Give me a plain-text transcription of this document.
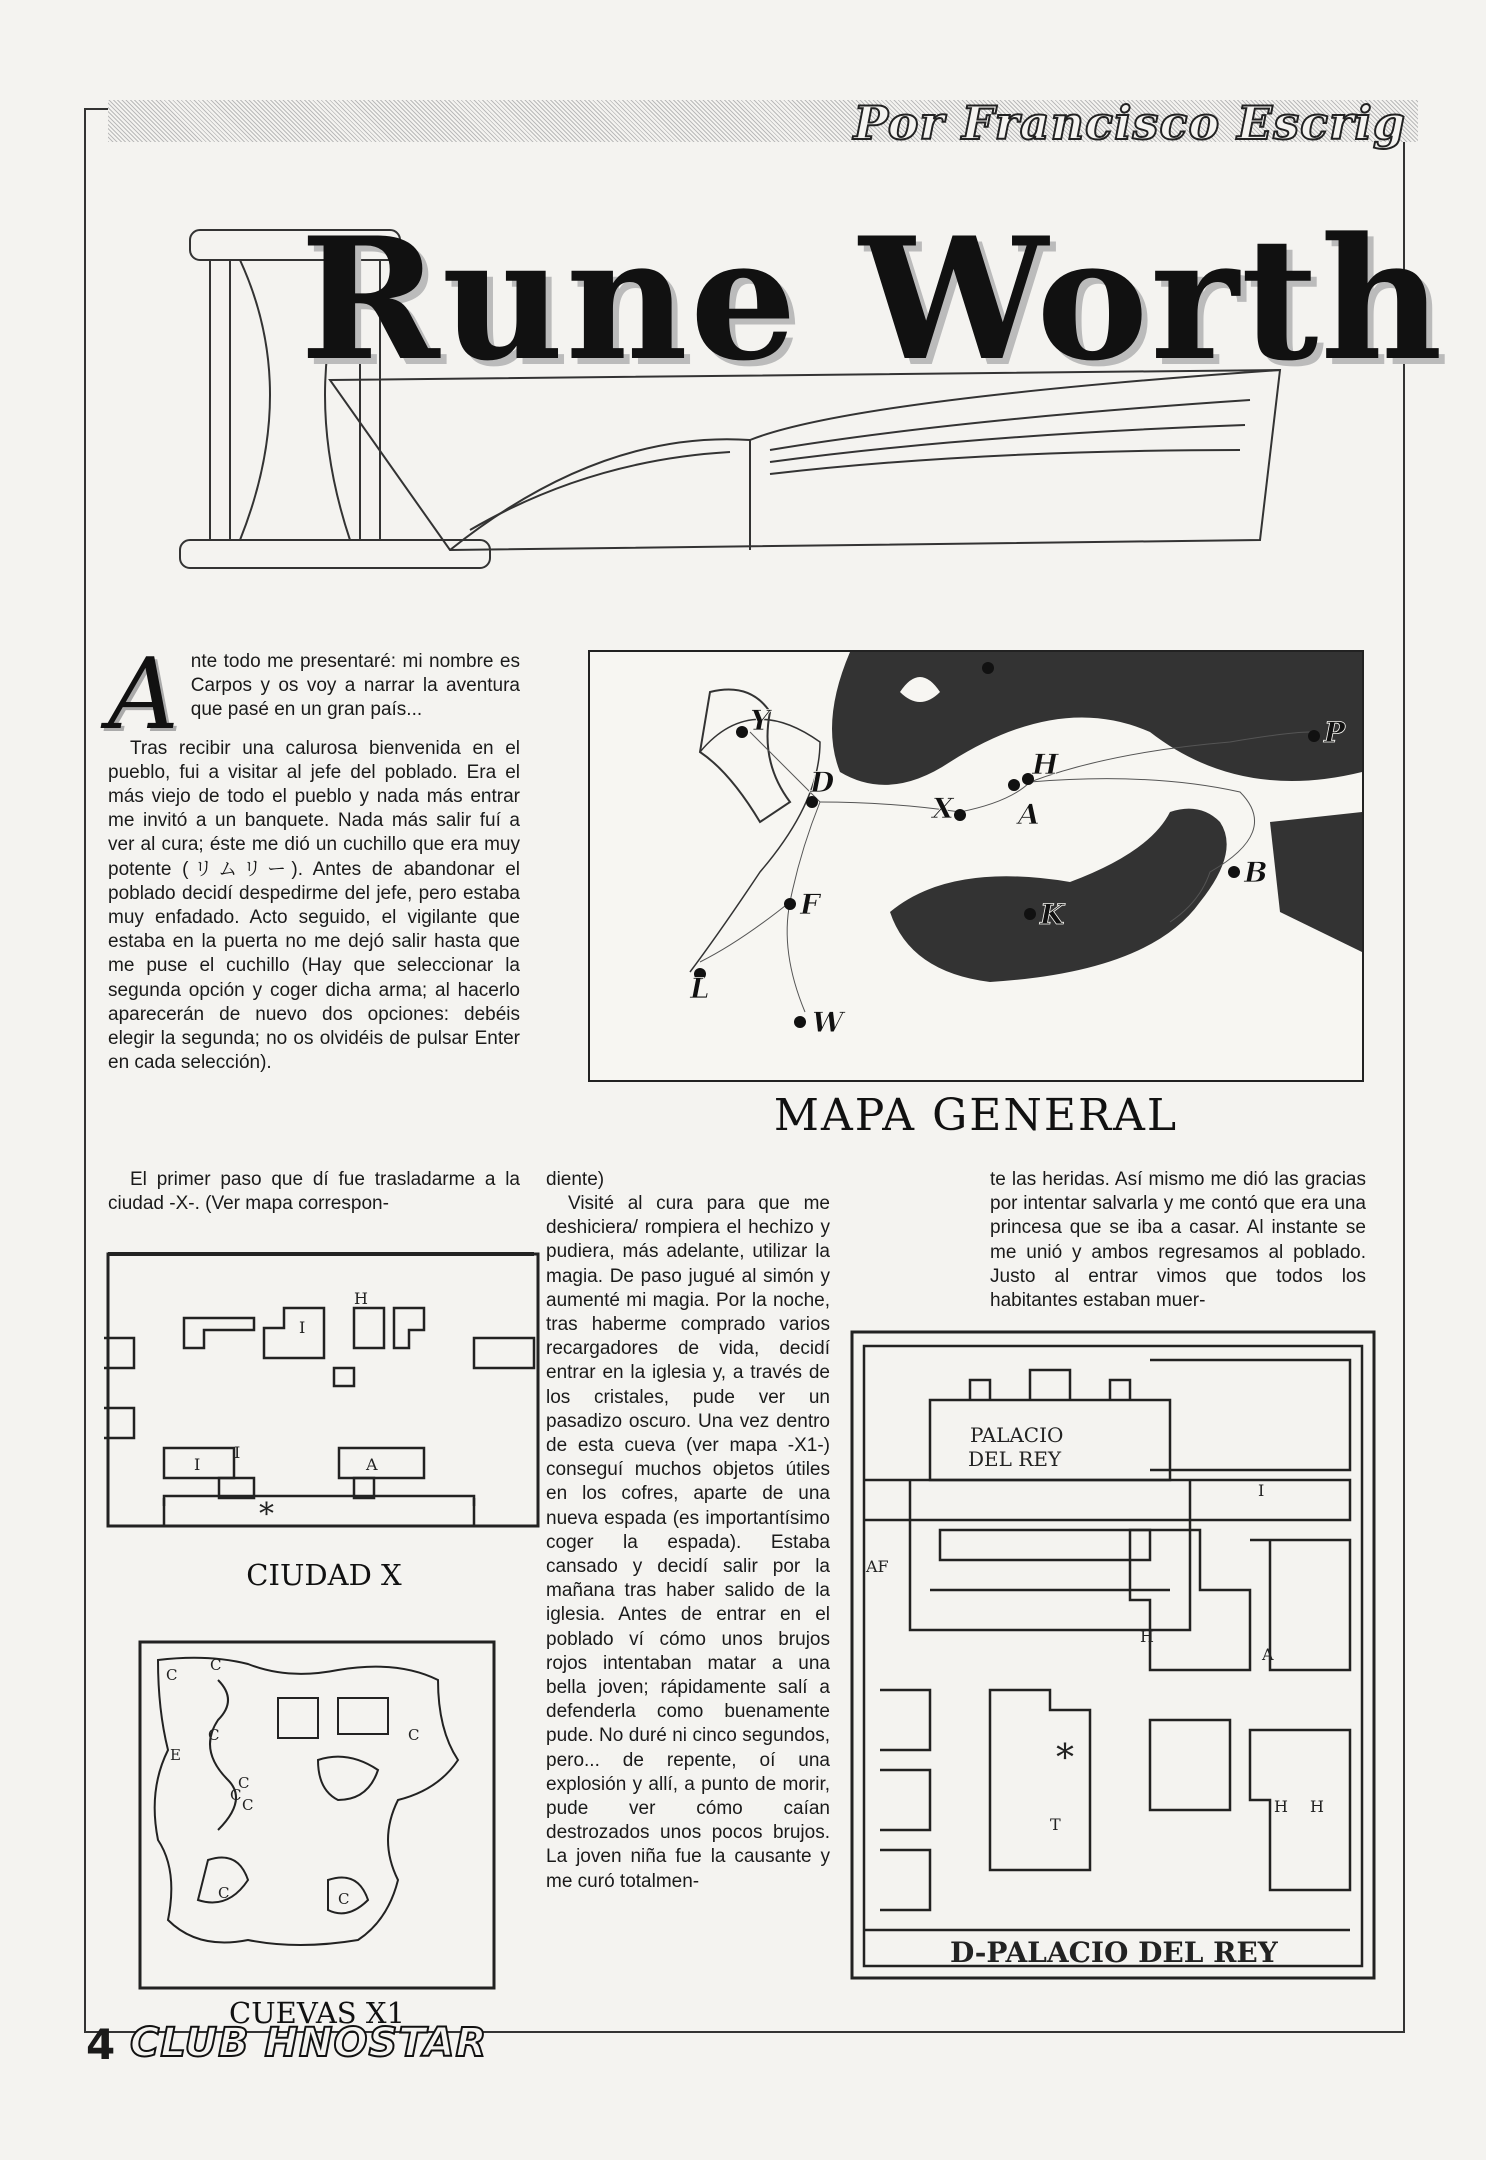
Por Francisco Escrig
Rune Worth
A nte todo me presentaré: mi nombre es Carpos y os voy a narrar la aventura que pasé en un gran país...

Tras recibir una calurosa bienvenida en el pueblo, fui a visitar al jefe del poblado. Era el más viejo de todo el pueblo y nada más entrar me invitó a un banquete. Nada más salir fuí a ver al cura; éste me dió un cuchillo que era muy potente (リムリー). Antes de abandonar el poblado decidí despedirme del jefe, pero estaba muy enfadado. Acto seguido, el vigilante que estaba en la puerta no me dejó salir hasta que me puse el cuchillo (Hay que seleccionar la segunda opción y coger dicha arma; al hacerlo aparecerán de nuevo dos opciones: debéis elegir la segunda; no os olvidéis de pulsar Enter en cada selección).

El primer paso que dí fue trasladarme a la ciudad -X-. (Ver mapa correspon-

Y
D
X
H
A
P
B
F	K
L
W
MAPA GENERAL
H
I
I
I
A
*
CIUDAD X
C
C
C
E
C
C
C
C
C	C
CUEVAS X1

diente)

Visité al cura para que me deshiciera/ rompiera el hechizo y pudiera, más adelante, utilizar la magia. De paso jugué al simón y aumenté mi magia. Por la noche, tras haberme comprado varios recargadores de vida, decidí entrar en la iglesia y, a través de los cristales, pude ver un pasadizo oscuro. Una vez dentro de esta cueva (ver mapa -X1-) conseguí muchos objetos útiles en los cofres, aparte de una nueva espada (es importantísimo coger la espada). Estaba cansado y decidí salir por la mañana tras haber salido de la iglesia. Antes de entrar en el poblado ví cómo unos brujos rojos intentaban matar a una bella joven; rápidamente salí a defenderla como buenamente pude. No duré ni cinco segundos, pero... de repente, oí una explosión y allí, a punto de morir, pude ver cómo caían destrozados unos pocos brujos. La joven niña fue la causante y me curó totalmen-

te las heridas. Así mismo me dió las gracias por intentar salvarla y me contó que era una princesa que se iba a casar. Al instante se me unió y ambos regresamos al poblado. Justo al entrar vimos que todos los habitantes estaban muer-

PALACIO
DEL REY
I
AF
H
A
*
T
H H
D-PALACIO DEL REY
4 CLUB HNOSTAR
